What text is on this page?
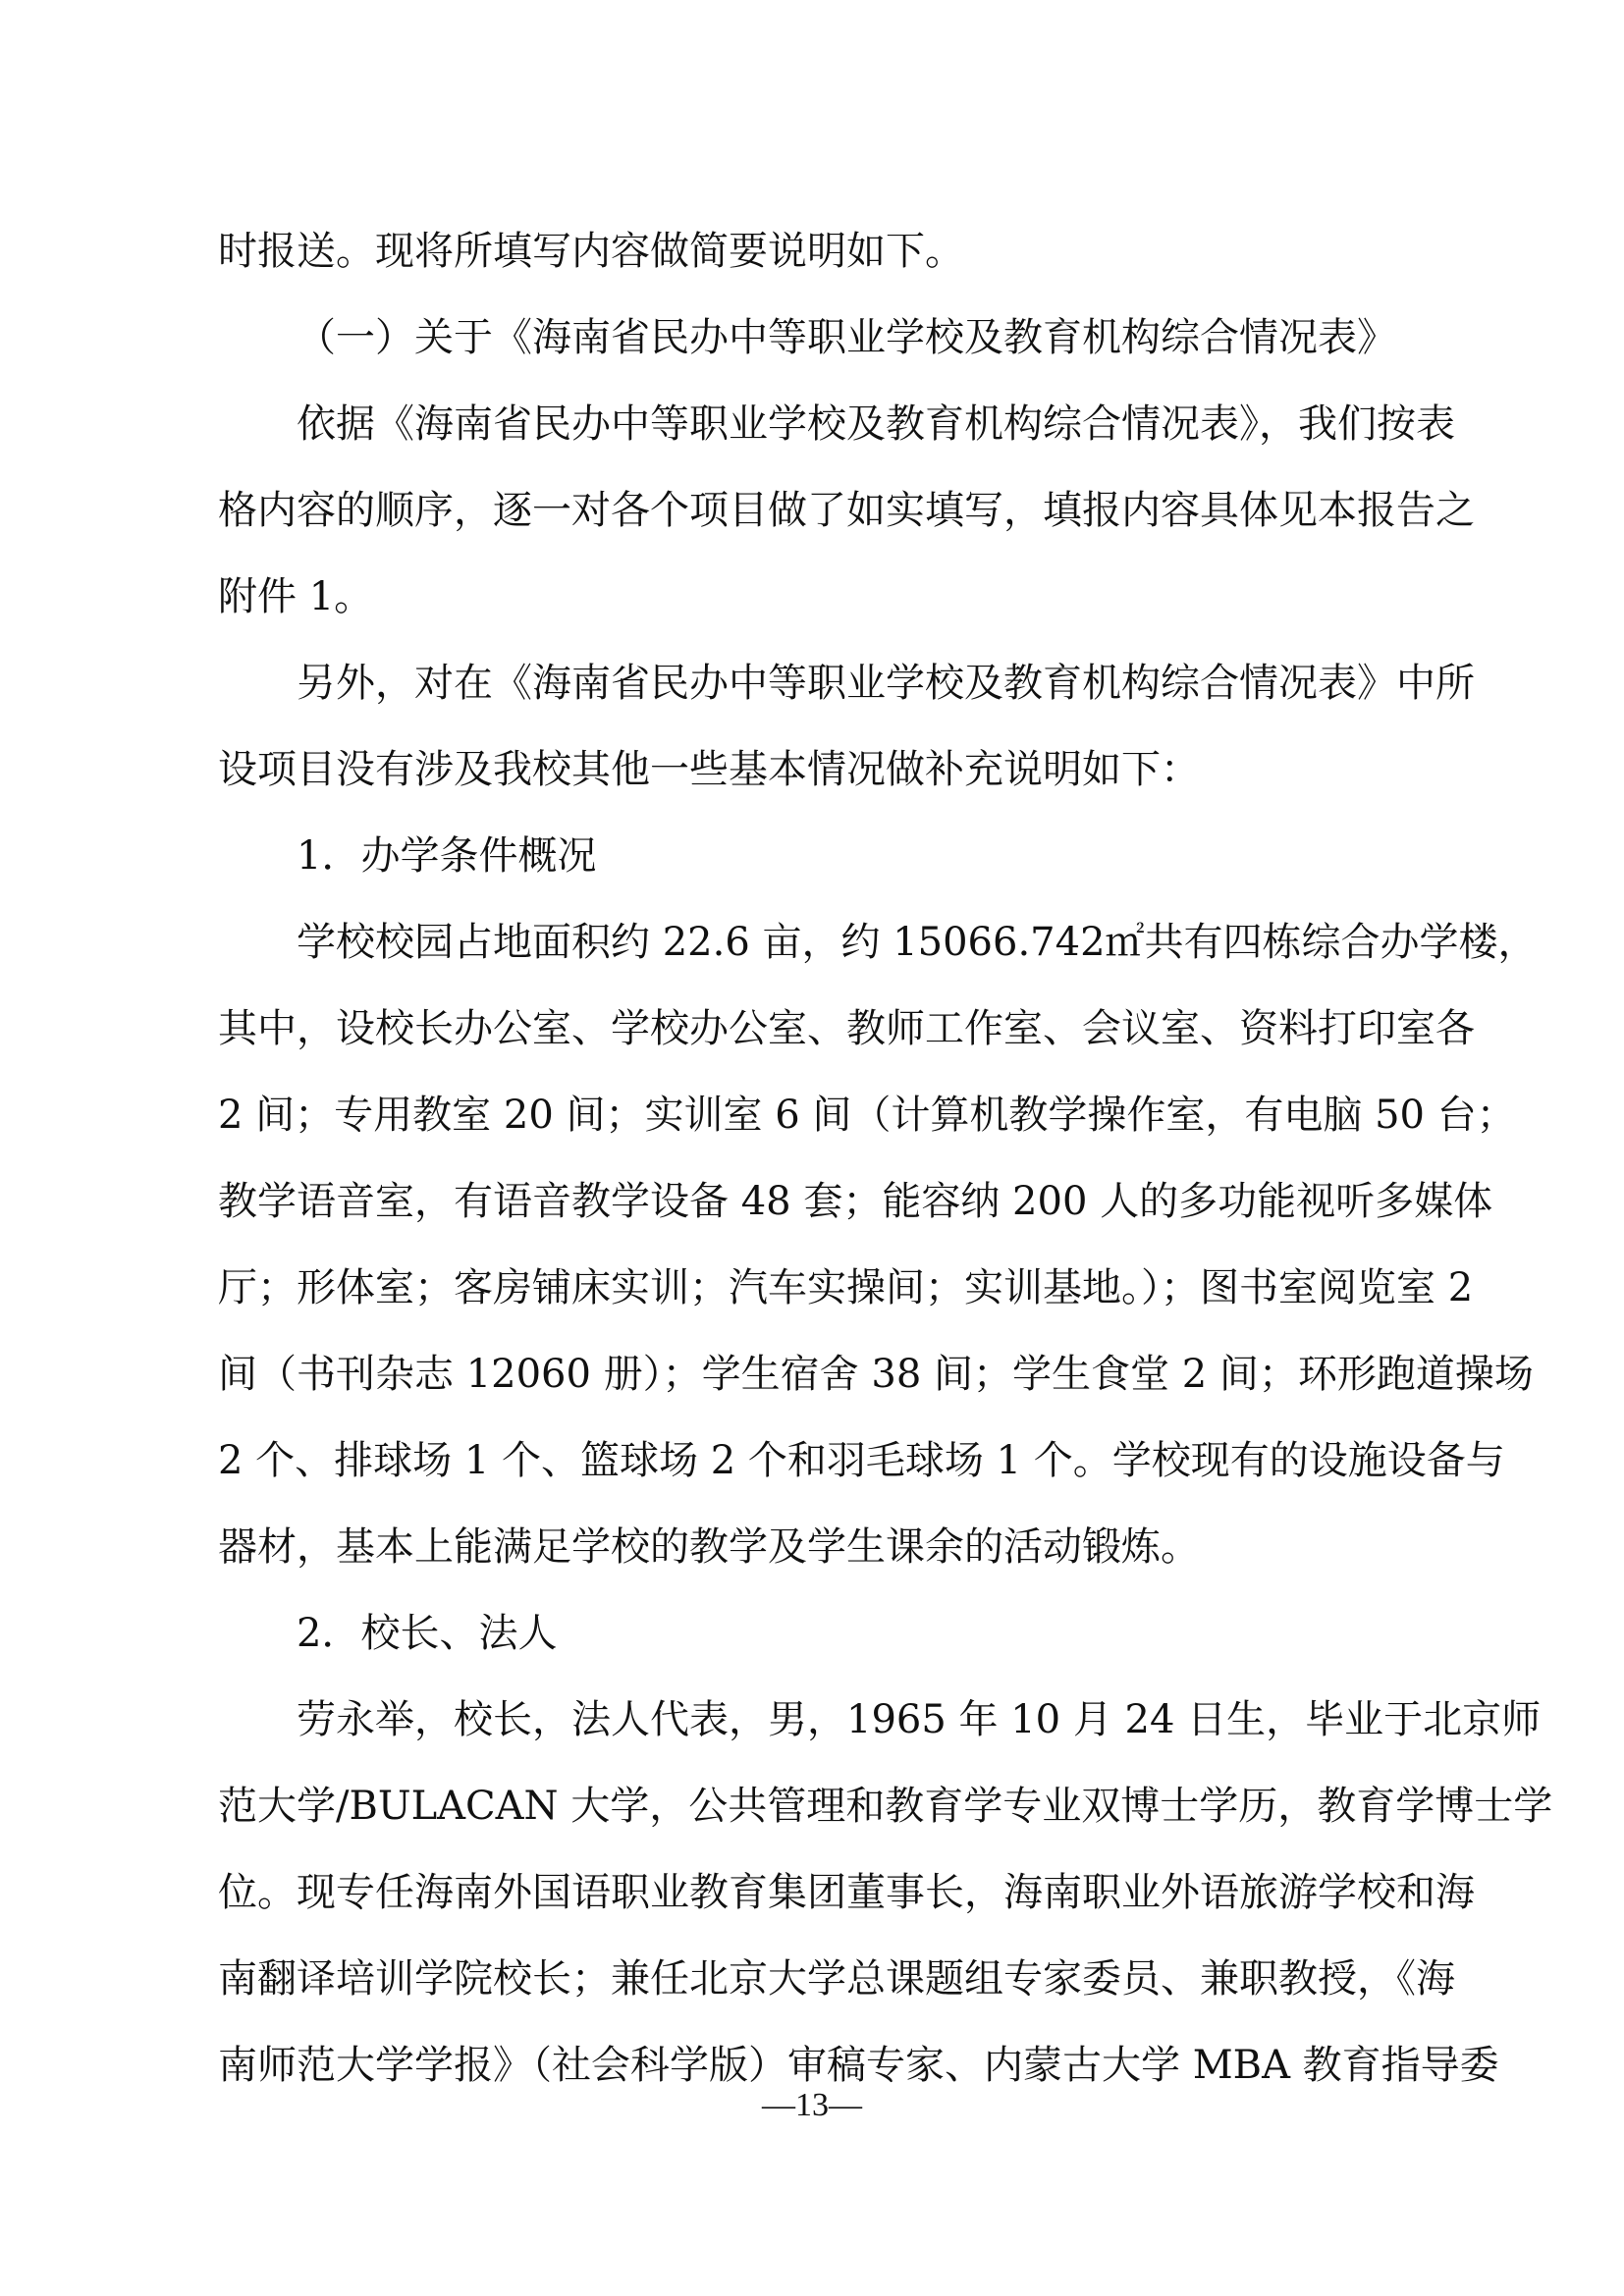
时报送。现将所填写内容做简要说明如下。
（一）关于《海南省民办中等职业学校及教育机构综合情况表》
依据《海南省民办中等职业学校及教育机构综合情况表》，我们按表
格内容的顺序，逐一对各个项目做了如实填写，填报内容具体见本报告之
附件 1。
另外，对在《海南省民办中等职业学校及教育机构综合情况表》中所
设项目没有涉及我校其他一些基本情况做补充说明如下：
1．办学条件概况
学校校园占地面积约 22.6 亩，约 15066.742㎡共有四栋综合办学楼，
其中，设校长办公室、学校办公室、教师工作室、会议室、资料打印室各
2 间；专用教室 20 间；实训室 6 间（计算机教学操作室，有电脑 50 台；
教学语音室，有语音教学设备 48 套；能容纳 200 人的多功能视听多媒体
厅；形体室；客房铺床实训；汽车实操间；实训基地。）；图书室阅览室 2
间（书刊杂志 12060 册）；学生宿舍 38 间；学生食堂 2 间；环形跑道操场
2 个、排球场 1 个、篮球场 2 个和羽毛球场 1 个。学校现有的设施设备与
器材，基本上能满足学校的教学及学生课余的活动锻炼。
2．校长、法人
劳永举，校长，法人代表，男，1965 年 10 月 24 日生，毕业于北京师
范大学/BULACAN 大学，公共管理和教育学专业双博士学历，教育学博士学
位。现专任海南外国语职业教育集团董事长，海南职业外语旅游学校和海
南翻译培训学院校长；兼任北京大学总课题组专家委员、兼职教授，《海
南师范大学学报》（社会科学版）审稿专家、内蒙古大学 MBA 教育指导委
—13—
